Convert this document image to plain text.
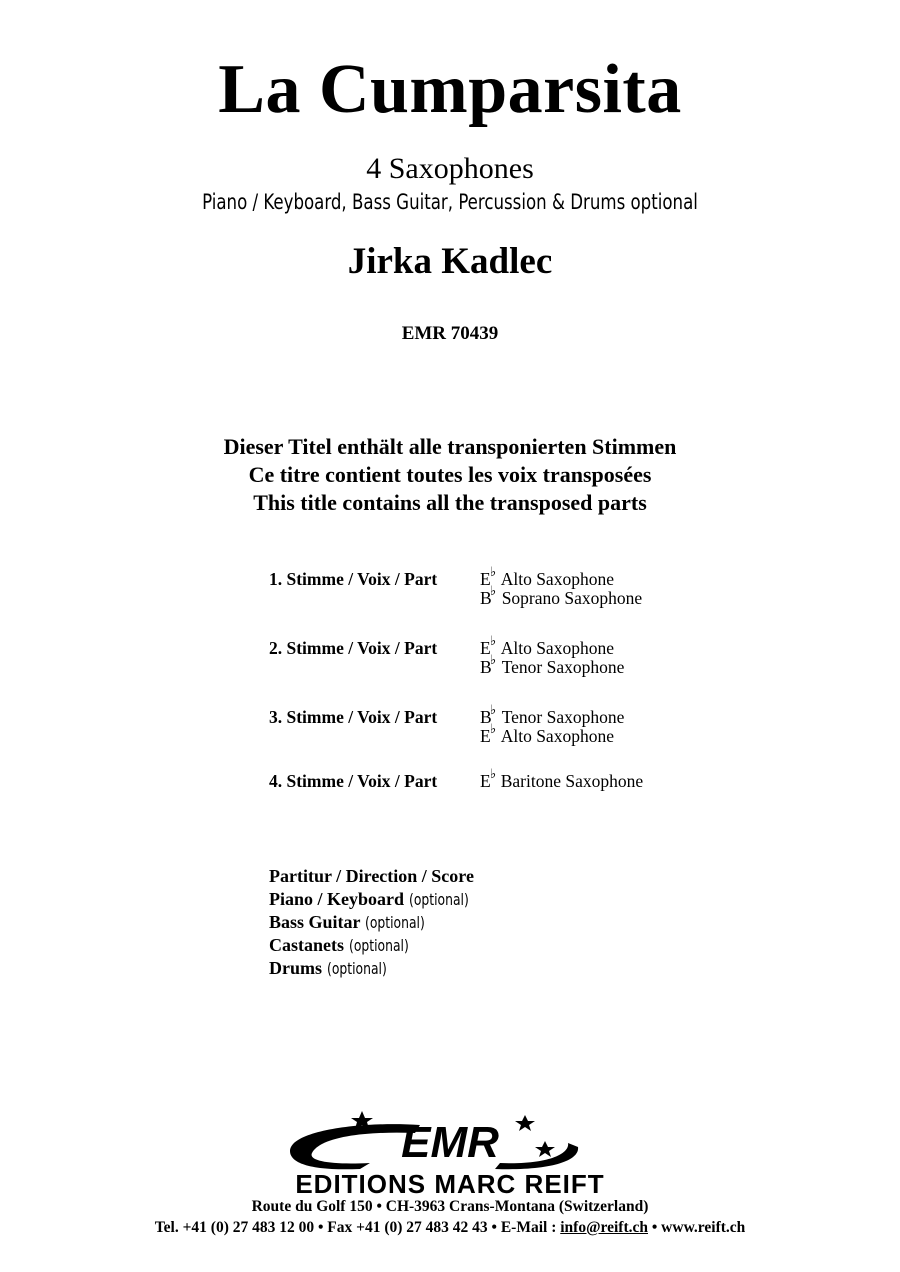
La Cumparsita
4 Saxophones
Piano / Keyboard, Bass Guitar, Percussion & Drums optional
Jirka Kadlec
EMR 70439
Dieser Titel enthält alle transponierten Stimmen
Ce titre contient toutes les voix transposées
This title contains all the transposed parts
1. Stimme / Voix / Part E ♭ Alto Saxophone
B
♭ Soprano Saxophone
2. Stimme / Voix / Part E ♭ Alto Saxophone
B
♭ Tenor Saxophone
3. Stimme / Voix / Part B
♭ Tenor Saxophone
E ♭ Alto Saxophone
4. Stimme / Voix / Part E ♭ Baritone Saxophone
Partitur / Direction / Score
Piano / Keyboard (optional)
Bass Guitar (optional)
Castanets (optional)
Drums (optional)
EMR
EDITIONS MARC REIFT
Route du Golf 150 • CH-3963 Crans-Montana (Switzerland)
Tel. +41 (0) 27 483 12 00 • Fax +41 (0) 27 483 42 43 • E-Mail : info@reift.ch • www.reift.ch
